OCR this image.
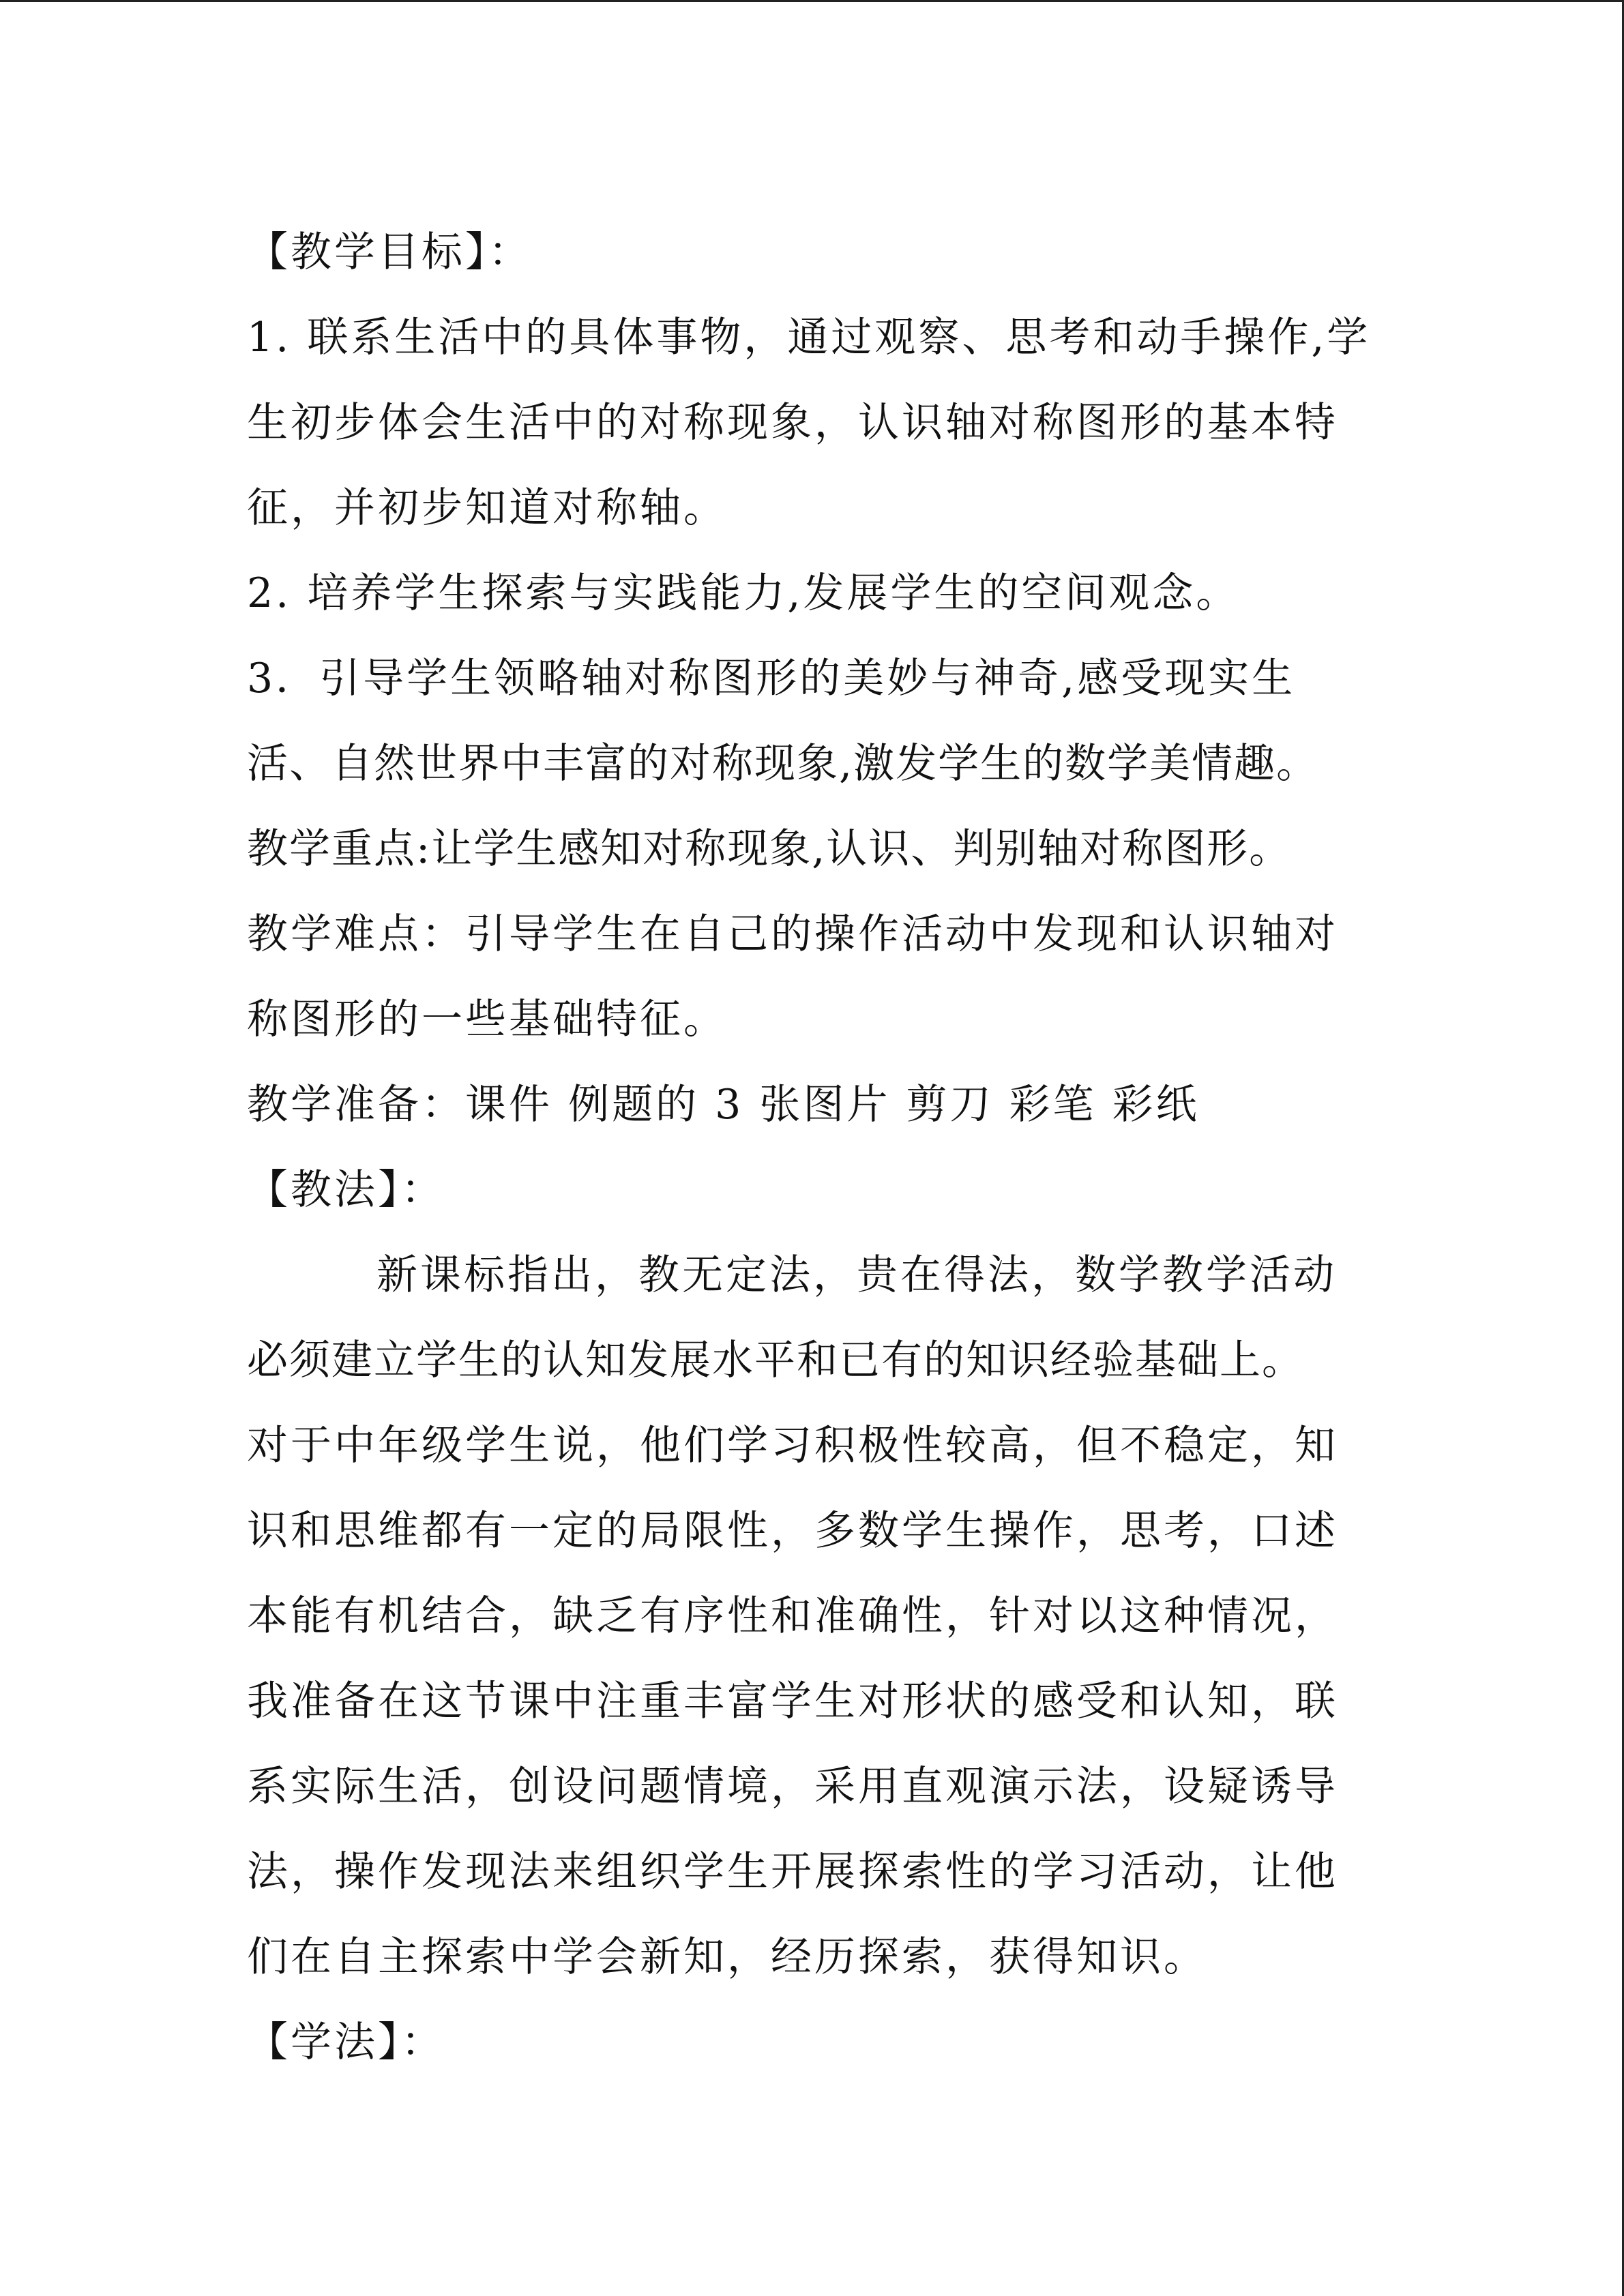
【教学目标】：
1. 联系生活中的具体事物，通过观察、思考和动手操作,学
生初步体会生活中的对称现象，认识轴对称图形的基本特
征，并初步知道对称轴。
2. 培养学生探索与实践能力,发展学生的空间观念。
3．引导学生领略轴对称图形的美妙与神奇,感受现实生
活、自然世界中丰富的对称现象,激发学生的数学美情趣。
教学重点:让学生感知对称现象,认识、判别轴对称图形。
教学难点：引导学生在自己的操作活动中发现和认识轴对
称图形的一些基础特征。
教学准备：课件 例题的 3 张图片 剪刀 彩笔 彩纸
【教法】：
新课标指出，教无定法，贵在得法，数学教学活动
必须建立学生的认知发展水平和已有的知识经验基础上。
对于中年级学生说，他们学习积极性较高，但不稳定，知
识和思维都有一定的局限性，多数学生操作，思考，口述
本能有机结合，缺乏有序性和准确性，针对以这种情况，
我准备在这节课中注重丰富学生对形状的感受和认知，联
系实际生活，创设问题情境，采用直观演示法，设疑诱导
法，操作发现法来组织学生开展探索性的学习活动，让他
们在自主探索中学会新知，经历探索，获得知识。
【学法】：
